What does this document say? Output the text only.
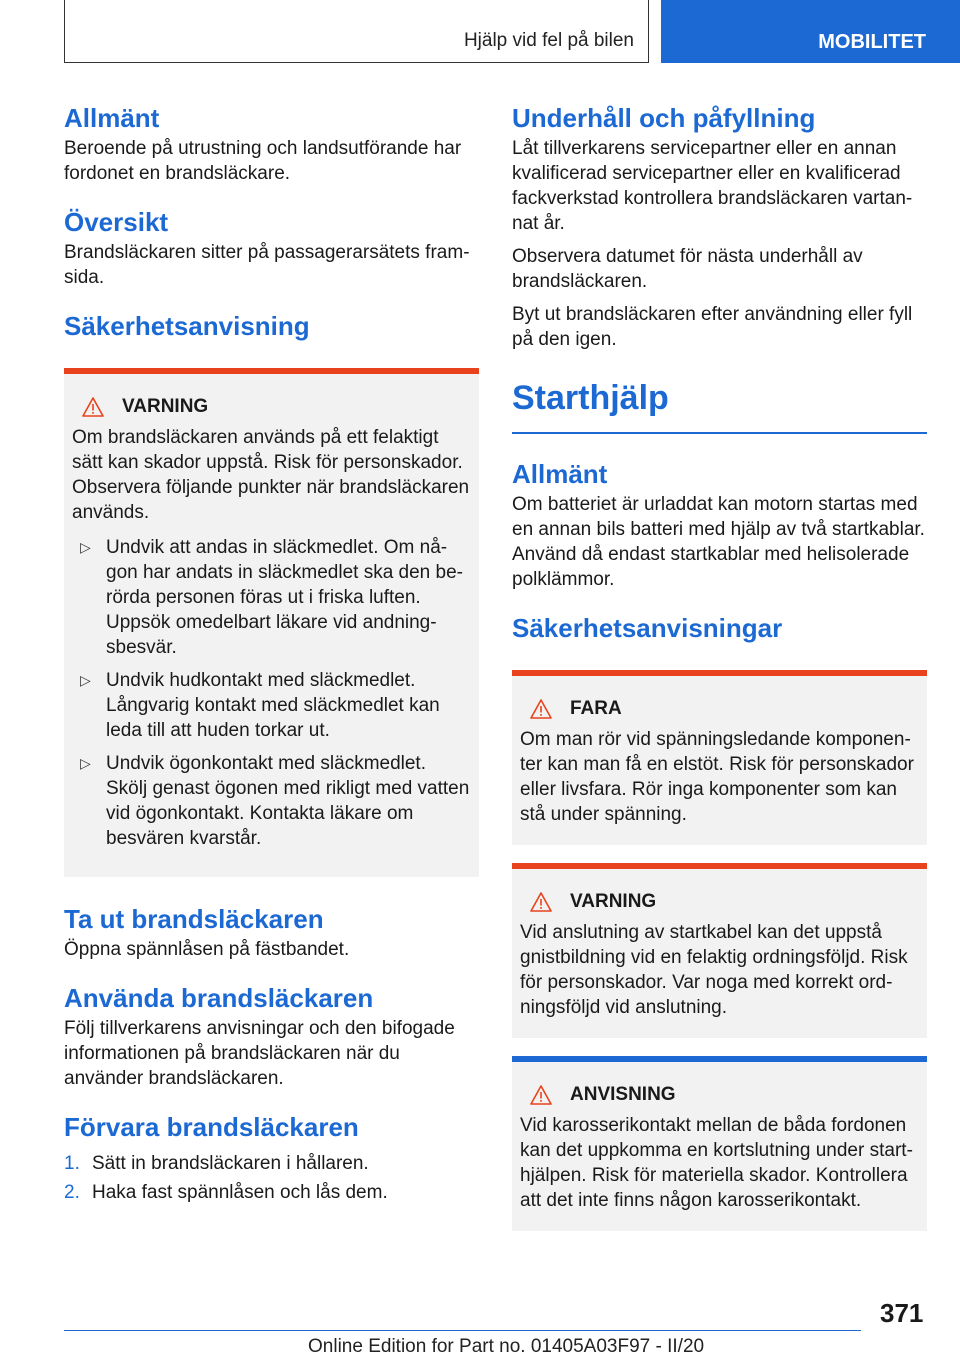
Hjälp vid fel på bilen	MOBILITET
Allmänt

Beroende på utrustning och landsutförande har fordonet en brandsläckare.

Översikt

Brandsläckaren sitter på passagerarsätets framsida.

Säkerhetsanvisning
VARNING
Om brandsläckaren används på ett felaktigt sätt kan skador uppstå. Risk för personskador. Observera följande punkter när brandsläckaren används.
▷ Undvik att andas in släckmedlet. Om någon har andats in släckmedlet ska den berörda personen föras ut i friska luften. Uppsök omedelbart läkare vid andningsbesvär.
▷ Undvik hudkontakt med släckmedlet. Långvarig kontakt med släckmedlet kan leda till att huden torkar ut.
▷ Undvik ögonkontakt med släckmedlet. Skölj genast ögonen med rikligt med vatten vid ögonkontakt. Kontakta läkare om besvären kvarstår.
Ta ut brandsläckaren

Öppna spännlåsen på fästbandet.

Använda brandsläckaren

Följ tillverkarens anvisningar och den bifogade informationen på brandsläckaren när du använder brandsläckaren.

Förvara brandsläckaren
1. Sätt in brandsläckaren i hållaren.
2. Haka fast spännlåsen och lås dem.
Underhåll och påfyllning

Låt tillverkarens servicepartner eller en annan kvalificerad servicepartner eller en kvalificerad fackverkstad kontrollera brandsläckaren vartannat år.

Observera datumet för nästa underhåll av brandsläckaren.

Byt ut brandsläckaren efter användning eller fyll på den igen.

Starthjälp
Allmänt

Om batteriet är urladdat kan motorn startas med en annan bils batteri med hjälp av två startkablar. Använd då endast startkablar med helisolerade polklämmor.

Säkerhetsanvisningar
FARA
Om man rör vid spänningsledande komponenter kan man få en elstöt. Risk för personskador eller livsfara. Rör inga komponenter som kan stå under spänning.
VARNING
Vid anslutning av startkabel kan det uppstå gnistbildning vid en felaktig ordningsföljd. Risk för personskador. Var noga med korrekt ordningsföljd vid anslutning.
ANVISNING
Vid karosserikontakt mellan de båda fordonen kan det uppkomma en kortslutning under starthjälpen. Risk för materiella skador. Kontrollera att det inte finns någon karosserikontakt.
371
Online Edition for Part no. 01405A03F97 - II/20
